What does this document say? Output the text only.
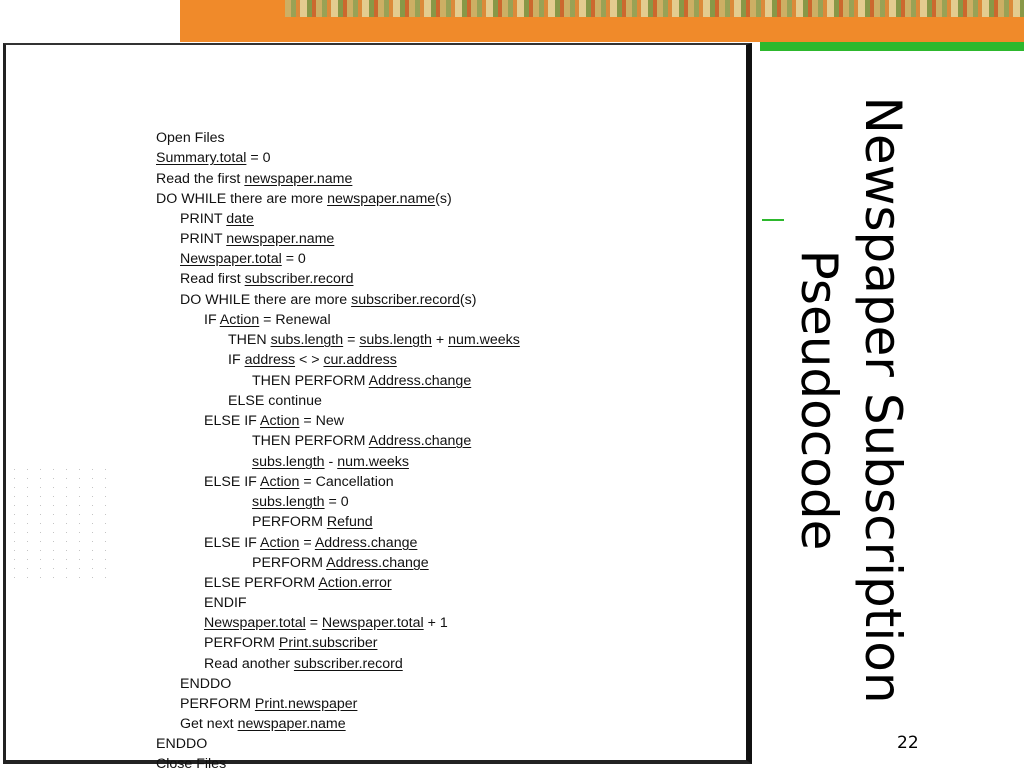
Open Files
Summary.total = 0
Read the first newspaper.name
DO WHILE there are more newspaper.name(s)
PRINT date
PRINT newspaper.name
Newspaper.total = 0
Read first subscriber.record
DO WHILE there are more subscriber.record(s)
IF Action = Renewal
THEN subs.length = subs.length + num.weeks
IF address < > cur.address
THEN PERFORM Address.change
ELSE continue
ELSE IF Action = New
THEN PERFORM Address.change
subs.length - num.weeks
ELSE IF Action = Cancellation
subs.length = 0
PERFORM Refund
ELSE IF Action = Address.change
PERFORM Address.change
ELSE PERFORM Action.error
ENDIF
Newspaper.total = Newspaper.total + 1
PERFORM Print.subscriber
Read another subscriber.record
ENDDO
PERFORM Print.newspaper
Get next newspaper.name
ENDDO
Close Files
Newspaper Subscription
Pseudocode
22
